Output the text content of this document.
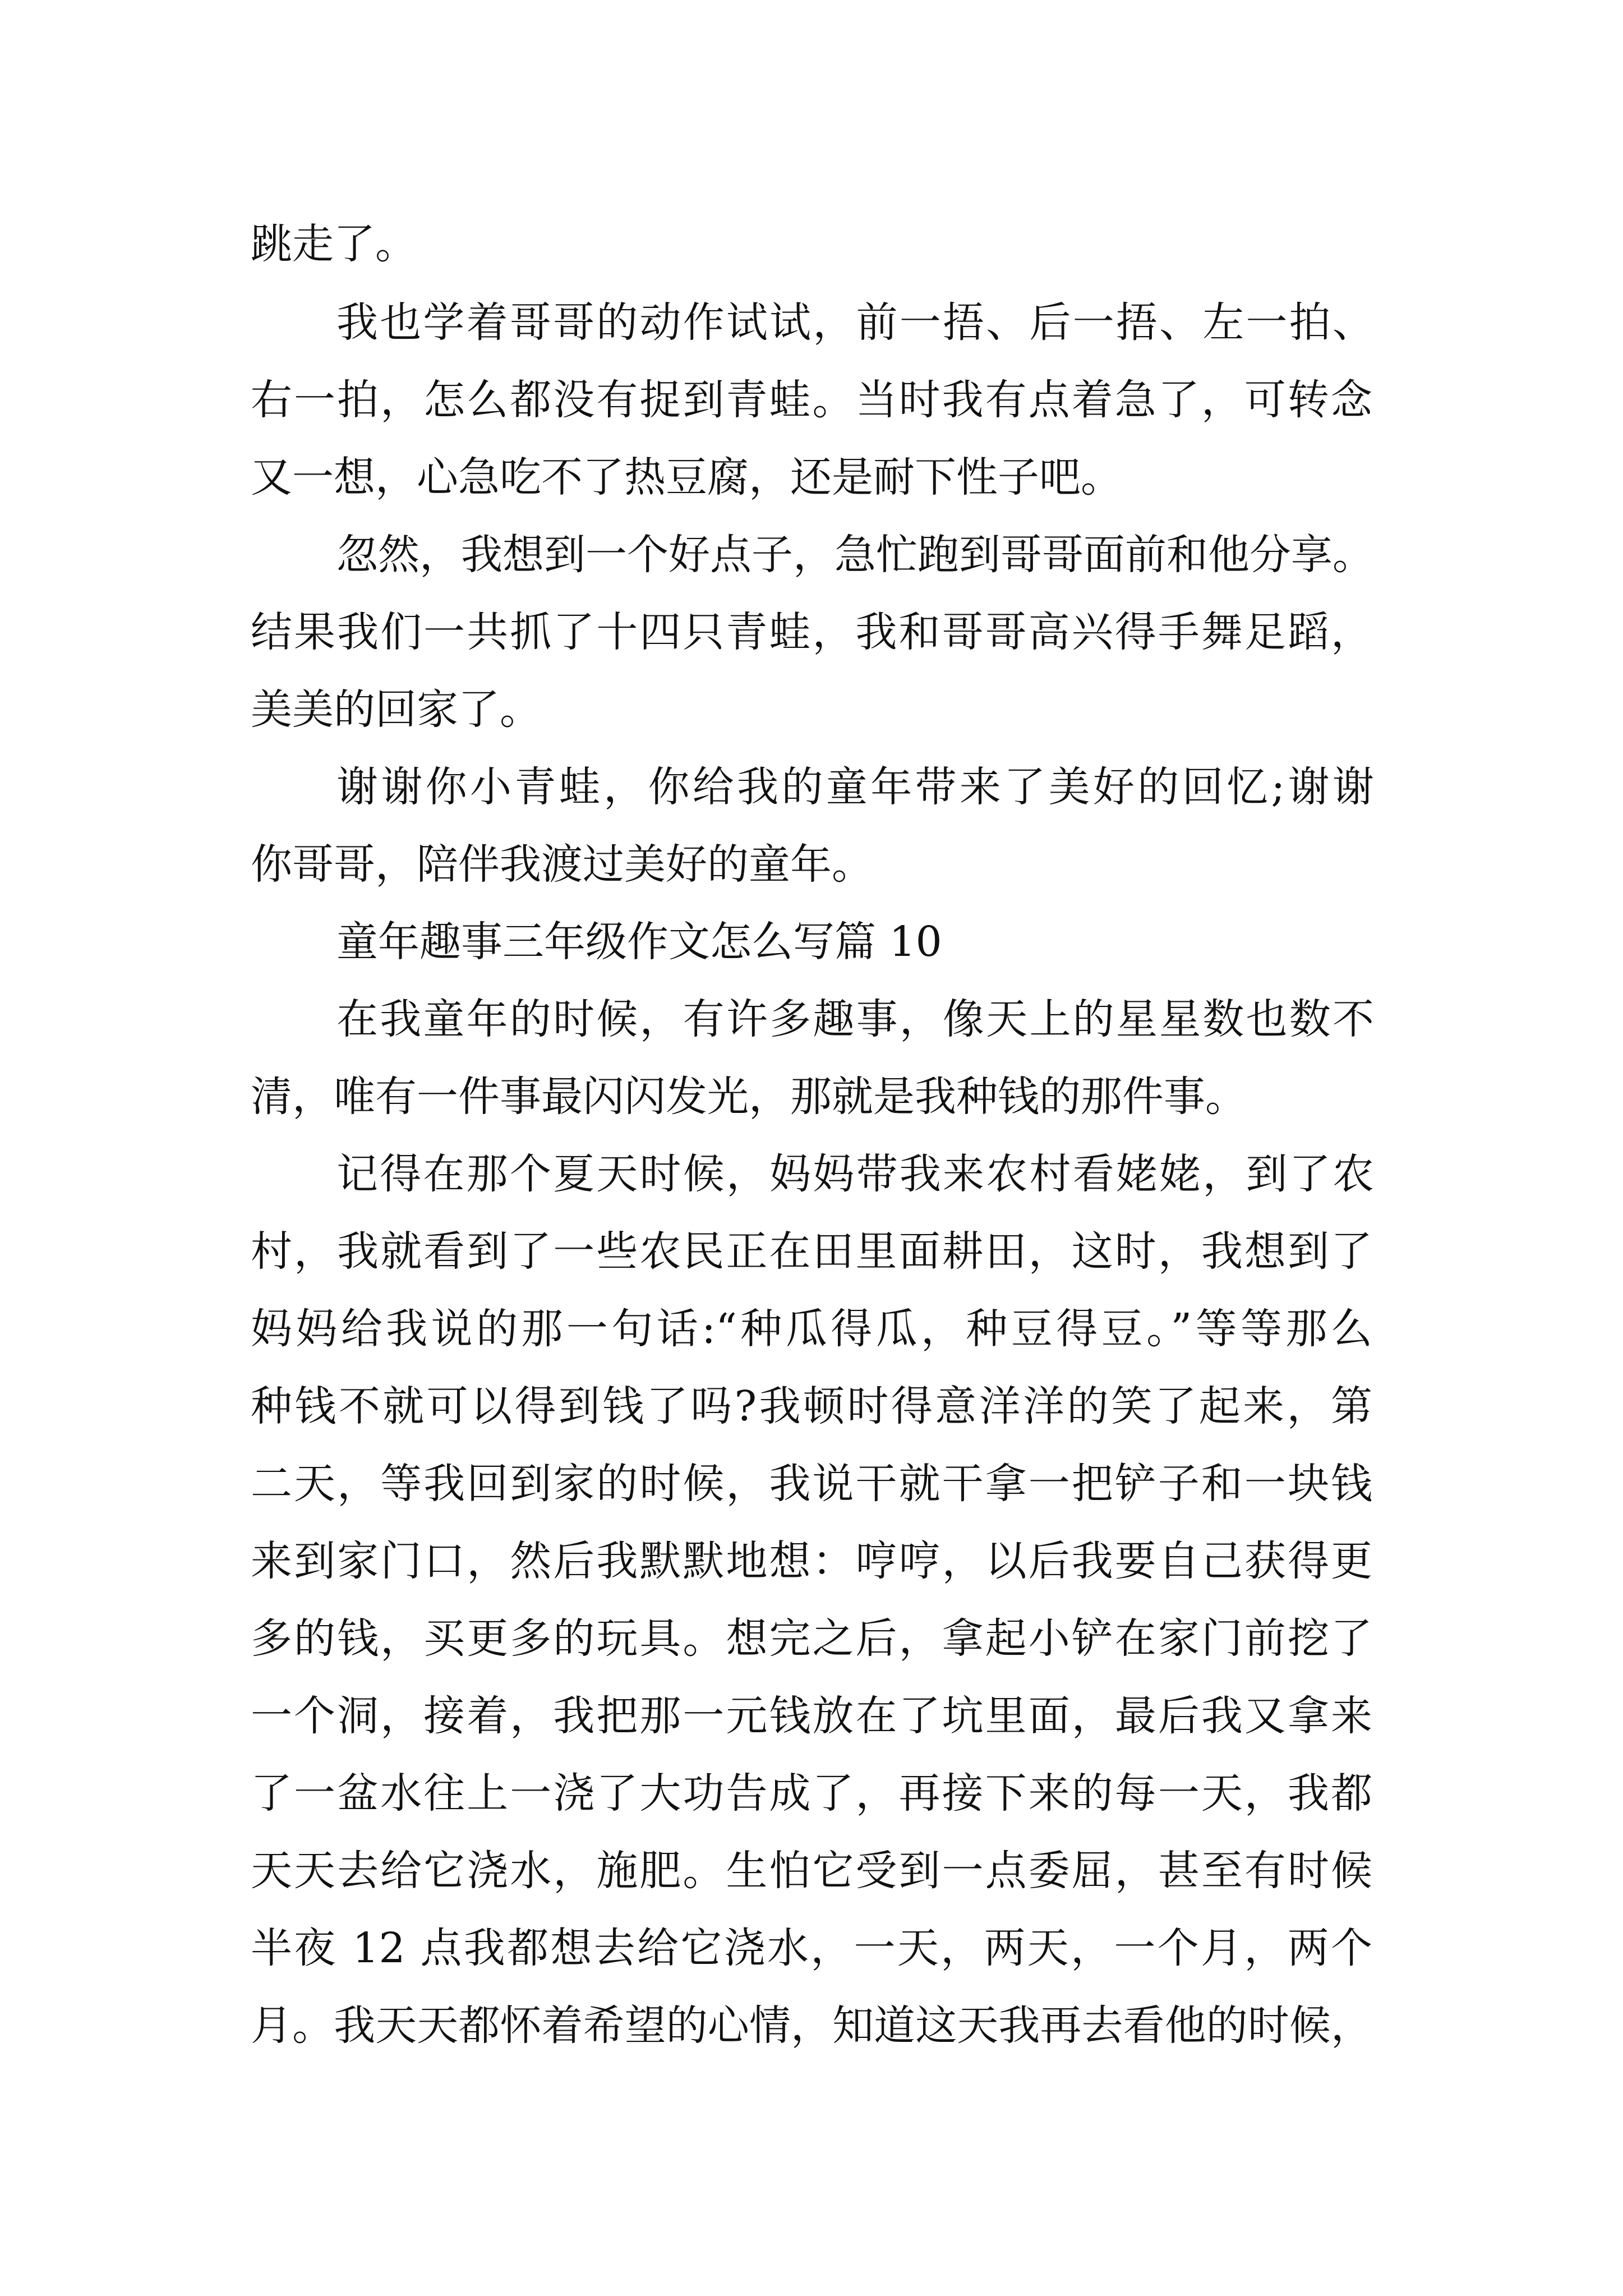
跳走了。
我也学着哥哥的动作试试，前一捂、后一捂、左一拍、
右一拍，怎么都没有捉到青蛙。当时我有点着急了，可转念
又一想，心急吃不了热豆腐，还是耐下性子吧。
忽然，我想到一个好点子，急忙跑到哥哥面前和他分享。
结果我们一共抓了十四只青蛙，我和哥哥高兴得手舞足蹈，
美美的回家了。
谢谢你小青蛙，你给我的童年带来了美好的回忆;谢谢
你哥哥，陪伴我渡过美好的童年。
童年趣事三年级作文怎么写篇 10
在我童年的时候，有许多趣事，像天上的星星数也数不
清，唯有一件事最闪闪发光，那就是我种钱的那件事。
记得在那个夏天时候，妈妈带我来农村看姥姥，到了农
村，我就看到了一些农民正在田里面耕田，这时，我想到了
妈妈给我说的那一句话:“种瓜得瓜，种豆得豆。”等等那么
种钱不就可以得到钱了吗?我顿时得意洋洋的笑了起来，第
二天，等我回到家的时候，我说干就干拿一把铲子和一块钱
来到家门口，然后我默默地想：哼哼，以后我要自己获得更
多的钱，买更多的玩具。想完之后，拿起小铲在家门前挖了
一个洞，接着，我把那一元钱放在了坑里面，最后我又拿来
了一盆水往上一浇了大功告成了，再接下来的每一天，我都
天天去给它浇水，施肥。生怕它受到一点委屈，甚至有时候
半夜 12 点我都想去给它浇水，一天，两天，一个月，两个
月。我天天都怀着希望的心情，知道这天我再去看他的时候，
